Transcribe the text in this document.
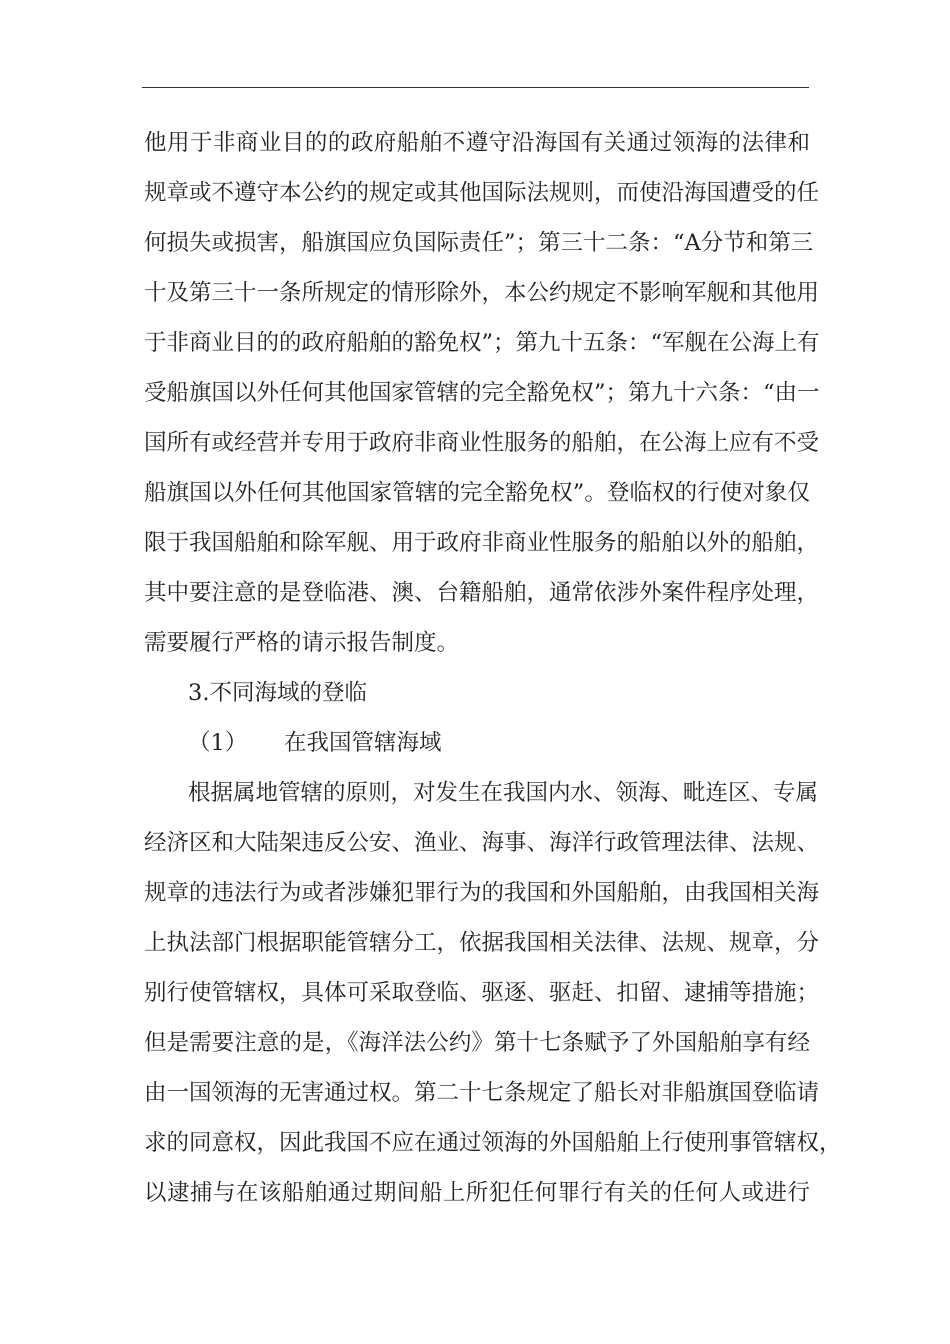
他用于非商业目的的政府船舶不遵守沿海国有关通过领海的法律和
规章或不遵守本公约的规定或其他国际法规则，而使沿海国遭受的任
何损失或损害，船旗国应负国际责任”；第三十二条：“A分节和第三
十及第三十一条所规定的情形除外，本公约规定不影响军舰和其他用
于非商业目的的政府船舶的豁免权”；第九十五条：“军舰在公海上有
受船旗国以外任何其他国家管辖的完全豁免权”；第九十六条：“由一
国所有或经营并专用于政府非商业性服务的船舶，在公海上应有不受
船旗国以外任何其他国家管辖的完全豁免权”。登临权的行使对象仅
限于我国船舶和除军舰、用于政府非商业性服务的船舶以外的船舶，
其中要注意的是登临港、澳、台籍船舶，通常依涉外案件程序处理，
需要履行严格的请示报告制度。
3.不同海域的登临
（1） 在我国管辖海域
根据属地管辖的原则，对发生在我国内水、领海、毗连区、专属
经济区和大陆架违反公安、渔业、海事、海洋行政管理法律、法规、
规章的违法行为或者涉嫌犯罪行为的我国和外国船舶，由我国相关海
上执法部门根据职能管辖分工，依据我国相关法律、法规、规章，分
别行使管辖权，具体可采取登临、驱逐、驱赶、扣留、逮捕等措施；
但是需要注意的是，《海洋法公约》第十七条赋予了外国船舶享有经
由一国领海的无害通过权。第二十七条规定了船长对非船旗国登临请
求的同意权，因此我国不应在通过领海的外国船舶上行使刑事管辖权，
以逮捕与在该船舶通过期间船上所犯任何罪行有关的任何人或进行
